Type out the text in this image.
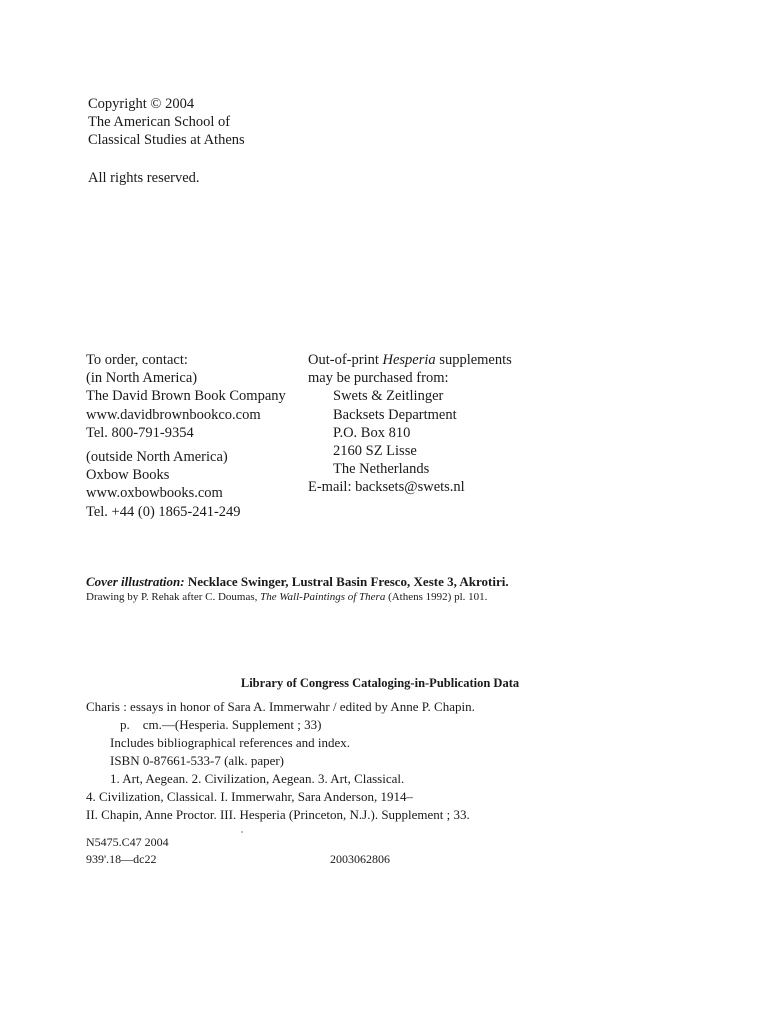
Copyright © 2004
The American School of
Classical Studies at Athens
All rights reserved.
To order, contact:
(in North America)
The David Brown Book Company
www.davidbrownbookco.com
Tel. 800-791-9354
(outside North America)
Oxbow Books
www.oxbowbooks.com
Tel. +44 (0) 1865-241-249
Out-of-print Hesperia supplements
may be purchased from:
Swets & Zeitlinger
Backsets Department
P.O. Box 810
2160 SZ Lisse
The Netherlands
E-mail: backsets@swets.nl
Cover illustration: Necklace Swinger, Lustral Basin Fresco, Xeste 3, Akrotiri.
Drawing by P. Rehak after C. Doumas, The Wall-Paintings of Thera (Athens 1992) pl. 101.
Library of Congress Cataloging-in-Publication Data
Charis : essays in honor of Sara A. Immerwahr / edited by Anne P. Chapin.
p.    cm.—(Hesperia. Supplement ; 33)
Includes bibliographical references and index.
ISBN 0-87661-533-7 (alk. paper)
1. Art, Aegean. 2. Civilization, Aegean. 3. Art, Classical.
4. Civilization, Classical. I. Immerwahr, Sara Anderson, 1914–
II. Chapin, Anne Proctor. III. Hesperia (Princeton, N.J.). Supplement ; 33.
N5475.C47 2004
939'.18—dc22	2003062806
